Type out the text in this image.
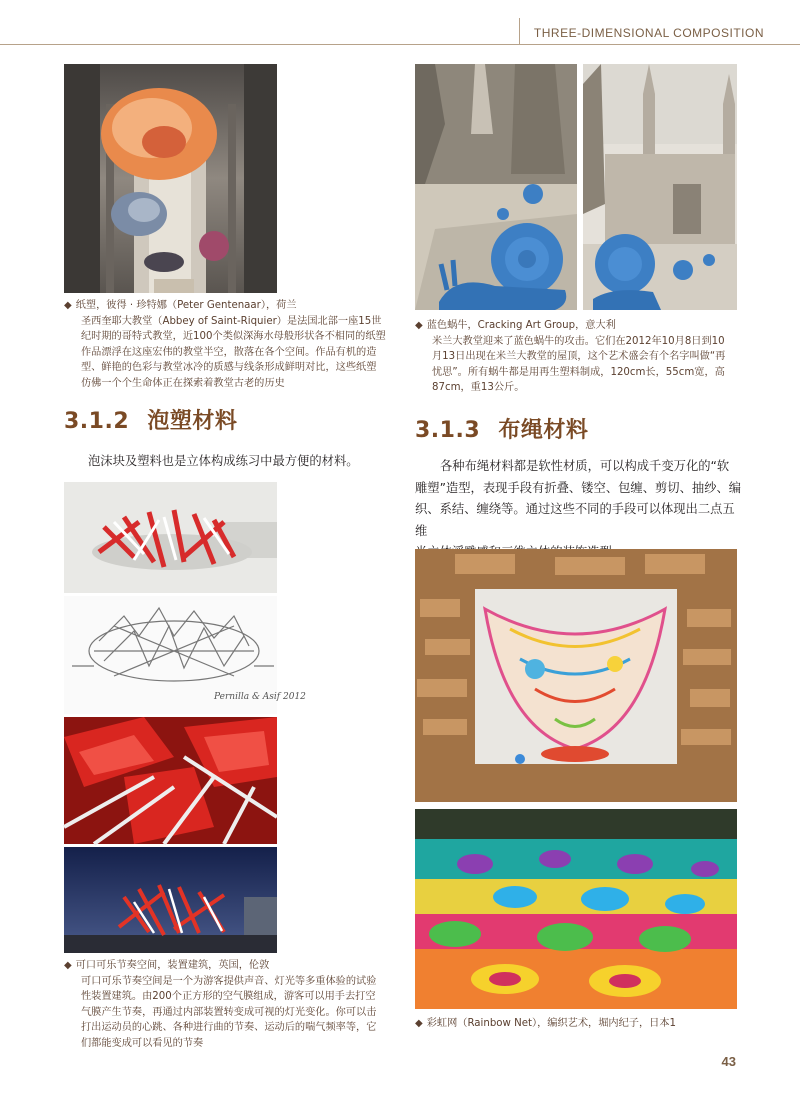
THREE-DIMENSIONAL COMPOSITION
◆ 纸塑，彼得 · 珍特娜（Peter Gentenaar），荷兰
圣西奎耶大教堂（Abbey of Saint-Riquier）是法国北部一座15世
纪时期的哥特式教堂，近100个类似深海水母般形状各不相同的纸塑
作品漂浮在这座宏伟的教堂半空，散落在各个空间。作品有机的造
型、鲜艳的色彩与教堂冰冷的质感与线条形成鲜明对比，这些纸塑
仿佛一个个生命体正在探索着教堂古老的历史
◆ 蓝色蜗牛，Cracking Art Group，意大利
米兰大教堂迎来了蓝色蜗牛的攻击。它们在2012年10月8日到10
月13日出现在米兰大教堂的屋顶，这个艺术盛会有个名字叫做“再
忧思”。所有蜗牛都是用再生塑料制成，120cm长，55cm宽，高
87cm，重13公斤。
3.1.2 泡塑材料
泡沫块及塑料也是立体构成练习中最方便的材料。
Pernilla & Asif 2012
◆ 可口可乐节奏空间，装置建筑，英国，伦敦
可口可乐节奏空间是一个为游客提供声音、灯光等多重体验的试验
性装置建筑。由200个正方形的空气膜组成，游客可以用手去打空
气膜产生节奏，再通过内部装置转变成可视的灯光变化。你可以击
打出运动员的心跳、各种进行曲的节奏、运动后的喘气频率等，它
们都能变成可以看见的节奏
3.1.3 布绳材料
各种布绳材料都是软性材质，可以构成千变万化的“软
雕塑”造型，表现手段有折叠、镂空、包缠、剪切、抽纱、编
织、系结、缠绕等。通过这些不同的手段可以体现出二点五维
◆ 彩虹网（Rainbow Net），编织艺术，堀内纪子，日本1
43
